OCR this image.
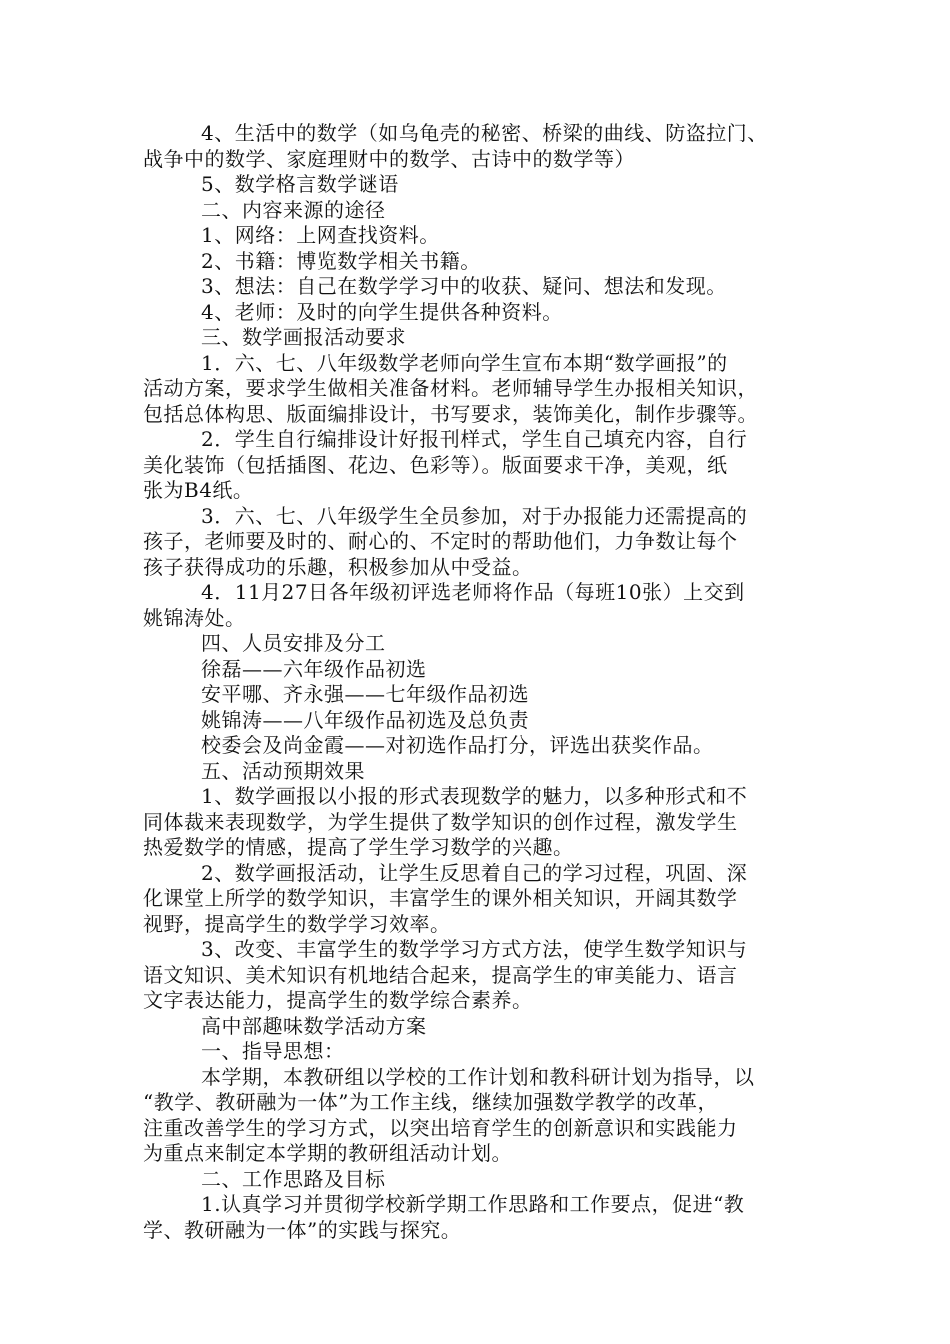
4、生活中的数学（如乌龟壳的秘密、桥梁的曲线、防盗拉门、
战争中的数学、家庭理财中的数学、古诗中的数学等）
5、数学格言数学谜语
二、内容来源的途径
1、网络：上网查找资料。
2、书籍：博览数学相关书籍。
3、想法：自己在数学学习中的收获、疑问、想法和发现。
4、老师：及时的向学生提供各种资料。
三、数学画报活动要求
1．六、七、八年级数学老师向学生宣布本期“数学画报”的
活动方案，要求学生做相关准备材料。老师辅导学生办报相关知识，
包括总体构思、版面编排设计，书写要求，装饰美化，制作步骤等。
2．学生自行编排设计好报刊样式，学生自己填充内容，自行
美化装饰（包括插图、花边、色彩等）。版面要求干净，美观，纸
张为B4纸。
3．六、七、八年级学生全员参加，对于办报能力还需提高的
孩子，老师要及时的、耐心的、不定时的帮助他们，力争数让每个
孩子获得成功的乐趣，积极参加从中受益。
4．11月27日各年级初评选老师将作品（每班10张）上交到
姚锦涛处。
四、人员安排及分工
徐磊——六年级作品初选
安平哪、齐永强——七年级作品初选
姚锦涛——八年级作品初选及总负责
校委会及尚金霞——对初选作品打分，评选出获奖作品。
五、活动预期效果
1、数学画报以小报的形式表现数学的魅力，以多种形式和不
同体裁来表现数学，为学生提供了数学知识的创作过程，激发学生
热爱数学的情感，提高了学生学习数学的兴趣。
2、数学画报活动，让学生反思着自己的学习过程，巩固、深
化课堂上所学的数学知识，丰富学生的课外相关知识，开阔其数学
视野，提高学生的数学学习效率。
3、改变、丰富学生的数学学习方式方法，使学生数学知识与
语文知识、美术知识有机地结合起来，提高学生的审美能力、语言
文字表达能力，提高学生的数学综合素养。
高中部趣味数学活动方案
一、指导思想：
本学期，本教研组以学校的工作计划和教科研计划为指导，以
“教学、教研融为一体”为工作主线，继续加强数学教学的改革，
注重改善学生的学习方式，以突出培育学生的创新意识和实践能力
为重点来制定本学期的教研组活动计划。
二、工作思路及目标
1.认真学习并贯彻学校新学期工作思路和工作要点，促进“教
学、教研融为一体”的实践与探究。
